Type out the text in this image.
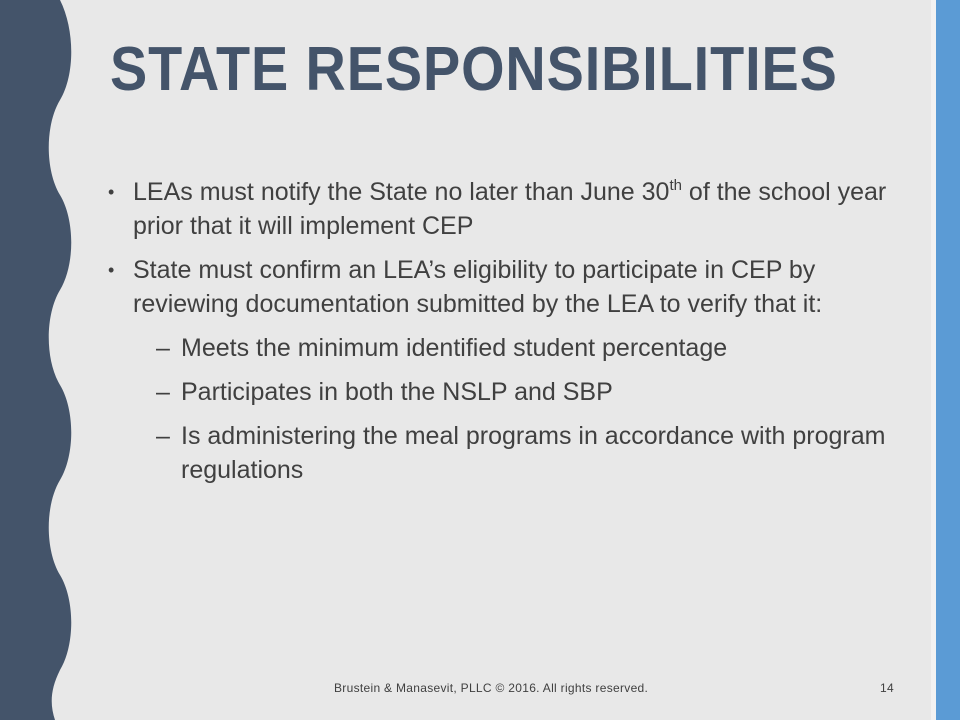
STATE RESPONSIBILITIES
• LEAs must notify the State no later than June 30th of the school year prior that it will implement CEP
• State must confirm an LEA’s eligibility to participate in CEP by reviewing documentation submitted by the LEA to verify that it:
– Meets the minimum identified student percentage
– Participates in both the NSLP and SBP
– Is administering the meal programs in accordance with program regulations
Brustein & Manasevit, PLLC © 2016. All rights reserved.	14
